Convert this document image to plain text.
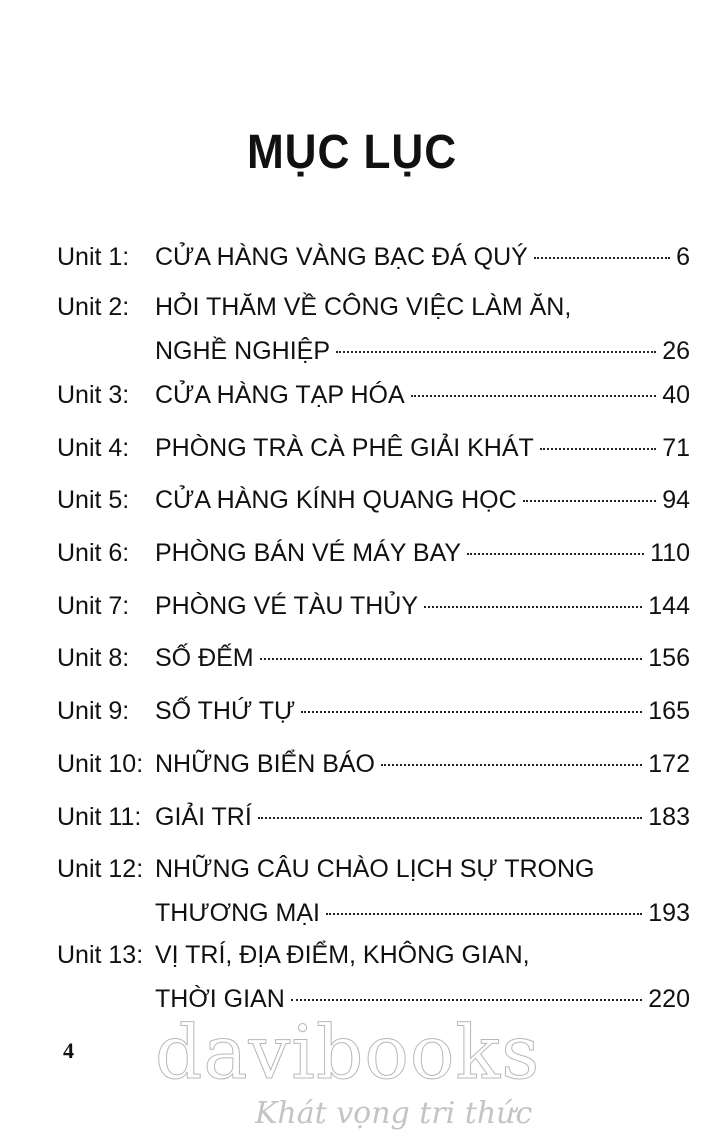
MỤC LỤC
Unit 1:	CỬA HÀNG VÀNG BẠC ĐÁ QUÝ	6
Unit 2:	HỎI THĂM VỀ CÔNG VIỆC LÀM ĂN,
NGHỀ NGHIỆP	26
Unit 3:	CỬA HÀNG TẠP HÓA	40
Unit 4:	PHÒNG TRÀ CÀ PHÊ GIẢI KHÁT	71
Unit 5:	CỬA HÀNG KÍNH QUANG HỌC	94
Unit 6:	PHÒNG BÁN VÉ MÁY BAY	110
Unit 7:	PHÒNG VÉ TÀU THỦY	144
Unit 8:	SỐ ĐẾM	156
Unit 9:	SỐ THỨ TỰ	165
Unit 10: NHỮNG BIỂN BÁO	172
Unit 11: GIẢI TRÍ	183
Unit 12: NHỮNG CÂU CHÀO LỊCH SỰ TRONG
THƯƠNG MẠI	193
Unit 13: VỊ TRÍ, ĐỊA ĐIỂM, KHÔNG GIAN,
THỜI GIAN	220
4 davibooks
Khát vọng tri thức
